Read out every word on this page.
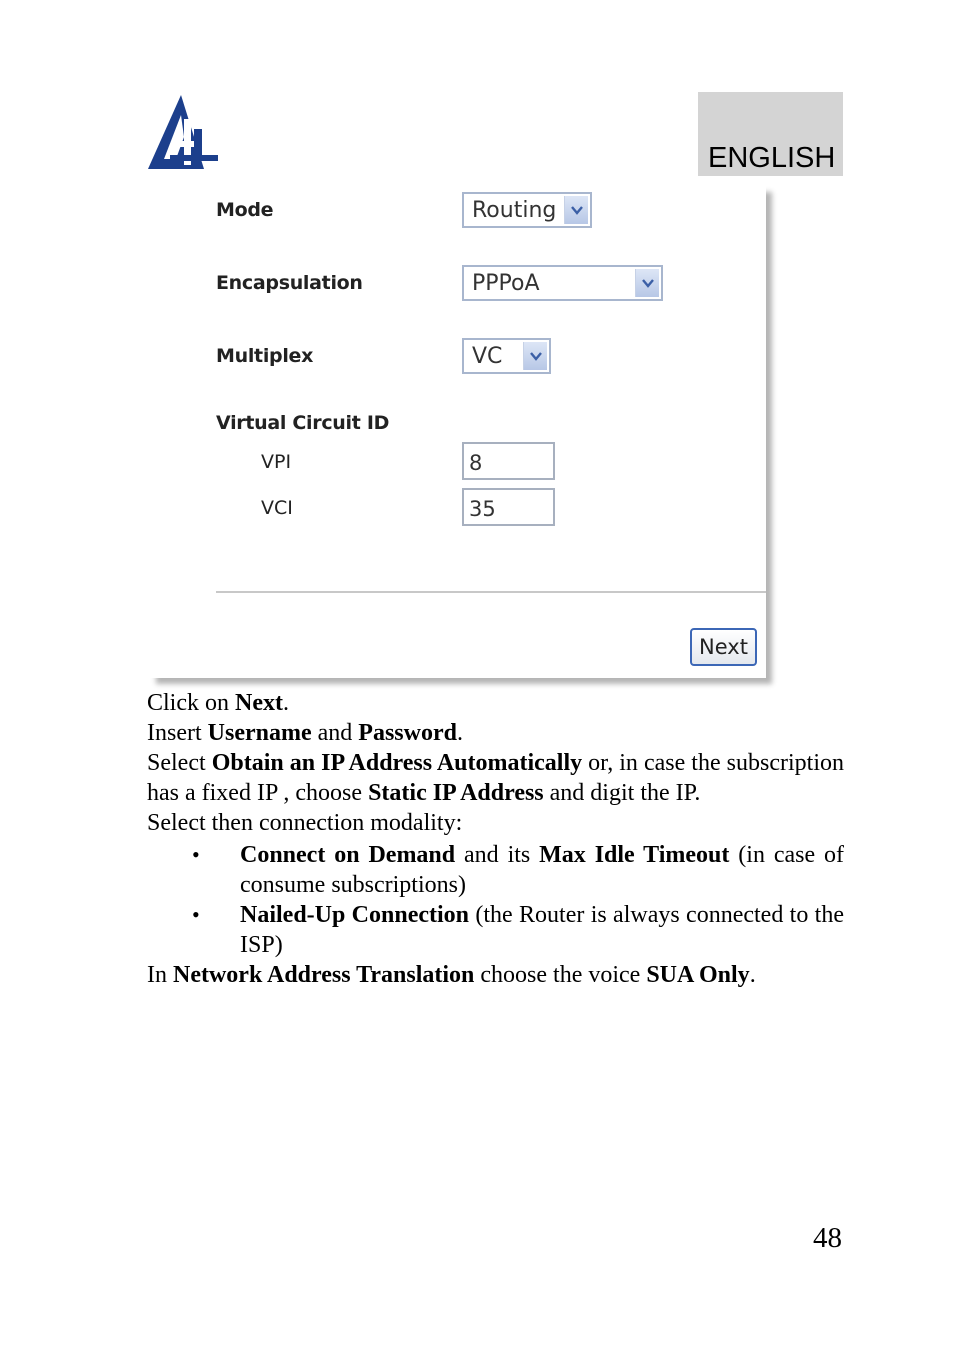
ENGLISH
Mode	Routing
Encapsulation	PPPoA
Multiplex	VC
Virtual Circuit ID
VPI	8
VCI	35
Next

Click on Next.

Insert Username and Password.

Select Obtain an IP Address Automatically or, in case the subscription has a fixed IP , choose Static IP Address and digit the IP.

Select then connection modality:

• Connect on Demand and its Max Idle Timeout (in case of consume subscriptions)
• Nailed-Up Connection (the Router is always connected to the ISP)

In Network Address Translation choose the voice SUA Only.

48
